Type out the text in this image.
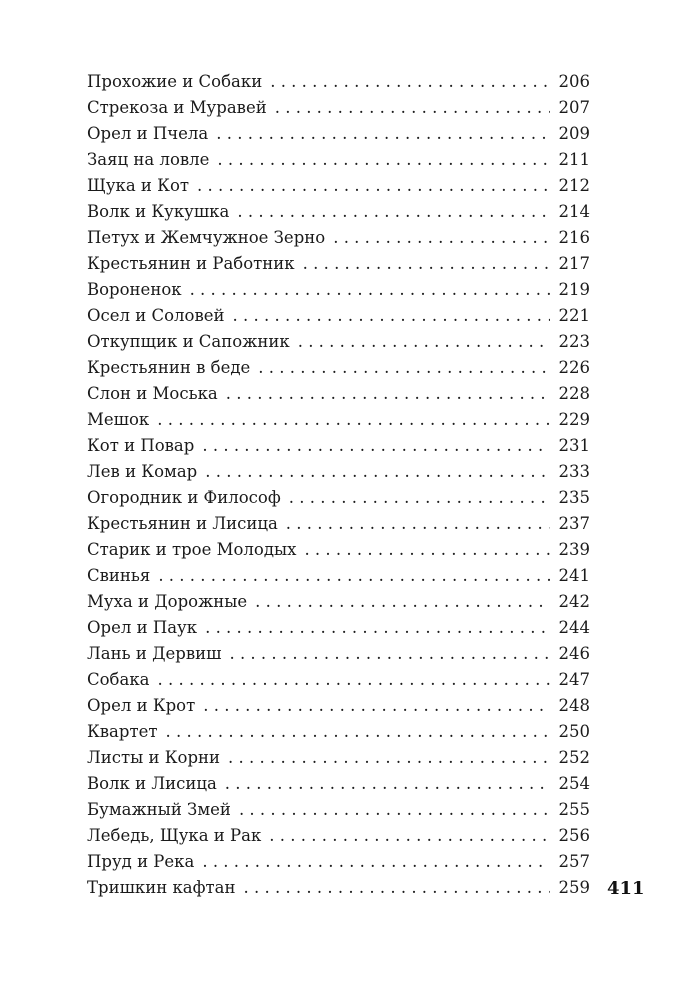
Прохожие и Собаки . . .	206
Стрекоза и Муравей . . .	207
Орел и Пчела . . .	209
Заяц на ловле . . .	211
Щука и Кот . . .	212
Волк и Кукушка . . .	214
Петух и Жемчужное Зерно . . .	216
Крестьянин и Работник . . .	217
Вороненок . . .	219
Осел и Соловей . . .	221
Откупщик и Сапожник . . .	223
Крестьянин в беде . . .	226
Слон и Моська . . .	228
Мешок . . .	229
Кот и Повар . . .	231
Лев и Комар . . .	233
Огородник и Философ . . .	235
Крестьянин и Лисица . . .	237
Старик и трое Молодых . . .	239
Свинья . . .	241
Муха и Дорожные . . .	242
Орел и Паук . . .	244
Лань и Дервиш . . .	246
Собака . . .	247
Орел и Крот . . .	248
Квартет . . .	250
Листы и Корни . . .	252
Волк и Лисица . . .	254
Бумажный Змей . . .	255
Лебедь, Щука и Рак . . .	256
Пруд и Река . . .	257
Тришкин кафтан . . .	259 411
